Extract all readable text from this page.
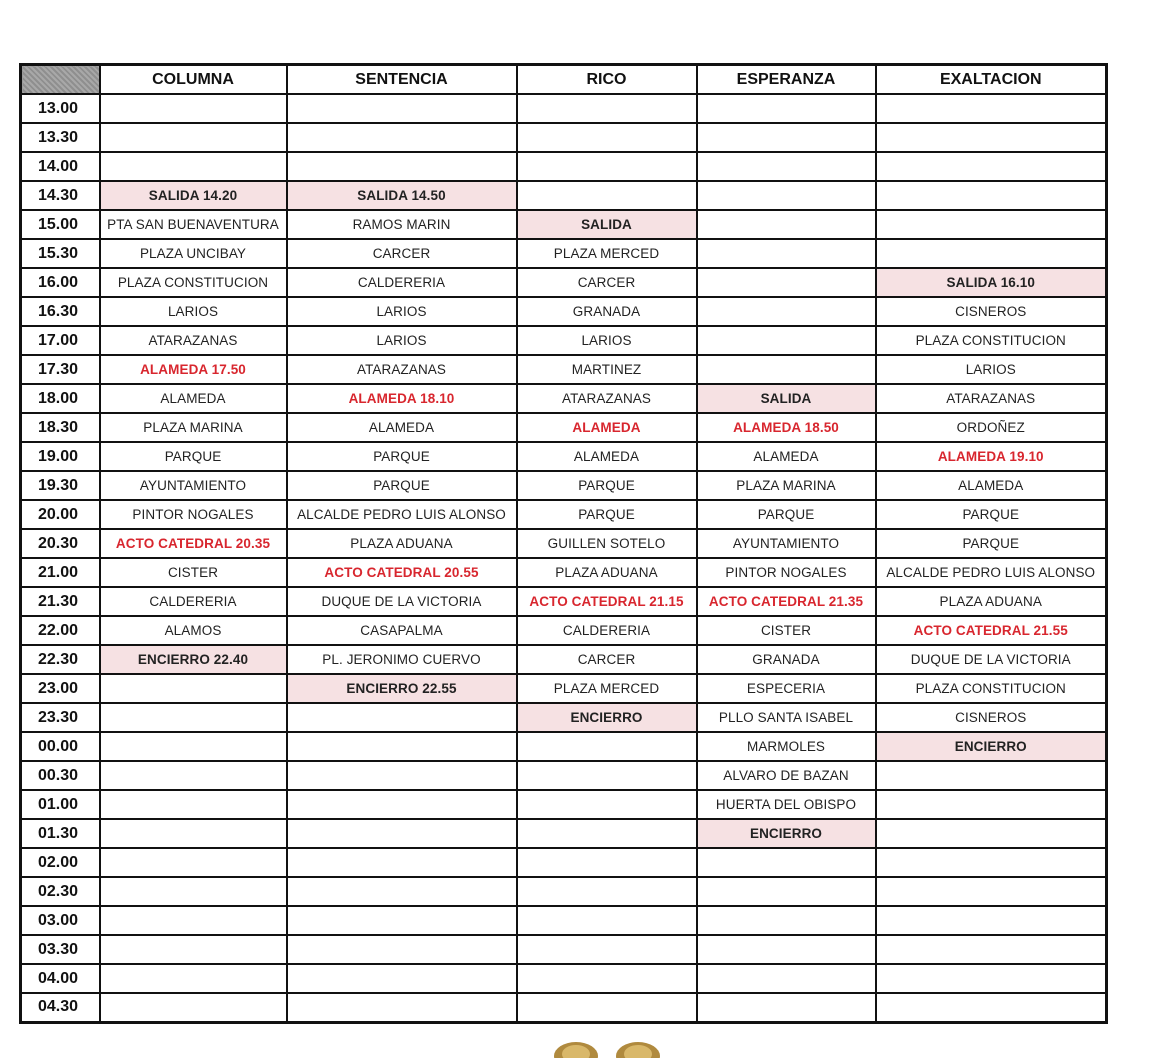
	COLUMNA	SENTENCIA	RICO	ESPERANZA	EXALTACION
13.00					
13.30					
14.00					
14.30	SALIDA 14.20	SALIDA 14.50			
15.00	PTA SAN BUENAVENTURA	RAMOS MARIN	SALIDA		
15.30	PLAZA UNCIBAY	CARCER	PLAZA MERCED		
16.00	PLAZA CONSTITUCION	CALDERERIA	CARCER		SALIDA 16.10
16.30	LARIOS	LARIOS	GRANADA		CISNEROS
17.00	ATARAZANAS	LARIOS	LARIOS		PLAZA CONSTITUCION
17.30	ALAMEDA 17.50	ATARAZANAS	MARTINEZ		LARIOS
18.00	ALAMEDA	ALAMEDA 18.10	ATARAZANAS	SALIDA	ATARAZANAS
18.30	PLAZA MARINA	ALAMEDA	ALAMEDA	ALAMEDA 18.50	ORDOÑEZ
19.00	PARQUE	PARQUE	ALAMEDA	ALAMEDA	ALAMEDA 19.10
19.30	AYUNTAMIENTO	PARQUE	PARQUE	PLAZA MARINA	ALAMEDA
20.00	PINTOR NOGALES	ALCALDE PEDRO LUIS ALONSO	PARQUE	PARQUE	PARQUE
20.30	ACTO CATEDRAL 20.35	PLAZA ADUANA	GUILLEN SOTELO	AYUNTAMIENTO	PARQUE
21.00	CISTER	ACTO CATEDRAL 20.55	PLAZA ADUANA	PINTOR NOGALES	ALCALDE PEDRO LUIS ALONSO
21.30	CALDERERIA	DUQUE DE LA VICTORIA	ACTO CATEDRAL 21.15	ACTO CATEDRAL 21.35	PLAZA ADUANA
22.00	ALAMOS	CASAPALMA	CALDERERIA	CISTER	ACTO CATEDRAL 21.55
22.30	ENCIERRO 22.40	PL. JERONIMO CUERVO	CARCER	GRANADA	DUQUE DE LA VICTORIA
23.00		ENCIERRO 22.55	PLAZA MERCED	ESPECERIA	PLAZA CONSTITUCION
23.30			ENCIERRO	PLLO SANTA ISABEL	CISNEROS
00.00				MARMOLES	ENCIERRO
00.30				ALVARO DE BAZAN	
01.00				HUERTA DEL OBISPO	
01.30				ENCIERRO	
02.00					
02.30					
03.00					
03.30					
04.00					
04.30					
